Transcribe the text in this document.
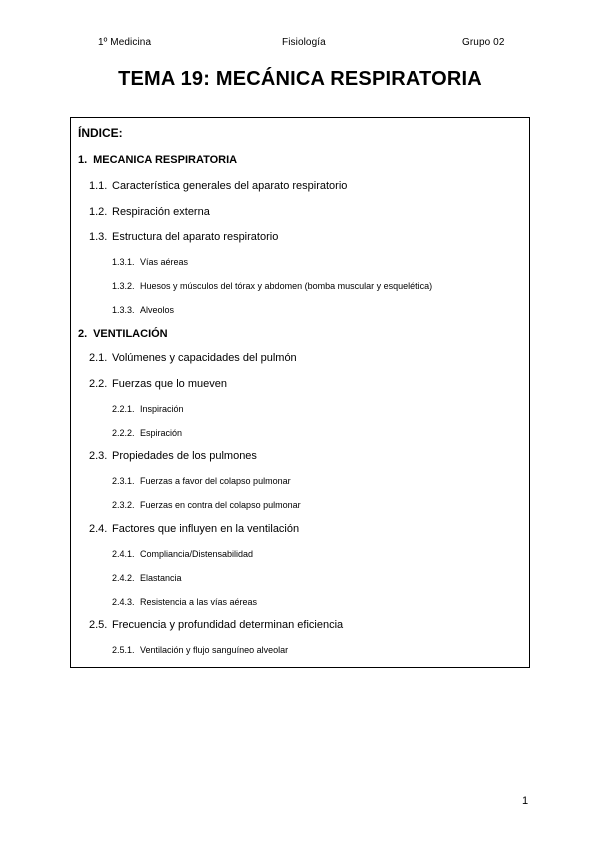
1º Medicina	Fisiología	Grupo 02
TEMA 19: MECÁNICA RESPIRATORIA
ÍNDICE:
1. MECANICA RESPIRATORIA
1.1. Característica generales del aparato respiratorio
1.2. Respiración externa
1.3. Estructura del aparato respiratorio
1.3.1. Vías aéreas
1.3.2. Huesos y músculos del tórax y abdomen (bomba muscular y esquelética)
1.3.3. Alveolos
2. VENTILACIÓN
2.1. Volúmenes y capacidades del pulmón
2.2. Fuerzas que lo mueven
2.2.1. Inspiración
2.2.2. Espiración
2.3. Propiedades de los pulmones
2.3.1. Fuerzas a favor del colapso pulmonar
2.3.2. Fuerzas en contra del colapso pulmonar
2.4. Factores que influyen en la ventilación
2.4.1. Compliancia/Distensabilidad
2.4.2. Elastancia
2.4.3. Resistencia a las vías aéreas
2.5. Frecuencia y profundidad determinan eficiencia
2.5.1. Ventilación y flujo sanguíneo alveolar
1
